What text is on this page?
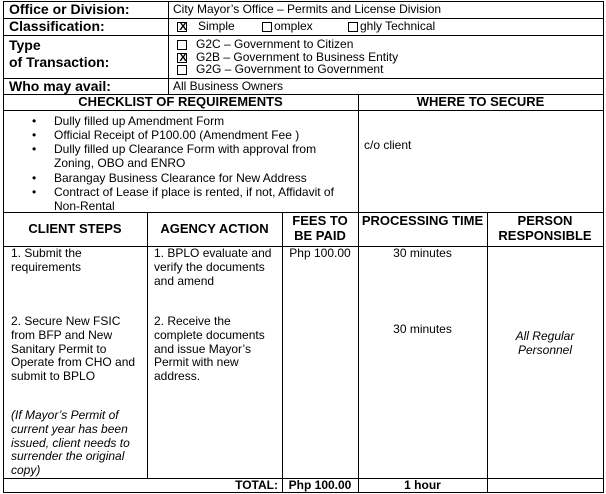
Office or Division:	City Mayor’s Office – Permits and License Division
Classification:
X	Simple	omplex	ghly Technical
Type
of Transaction:
G2C – Government to Citizen
X
G2B – Government to Business Entity
G2G – Government to Government
Who may avail:	All Business Owners
CHECKLIST OF REQUIREMENTS	WHERE TO SECURE
• Dully filled up Amendment Form
• Official Receipt of P100.00 (Amendment Fee )
• Dully filled up Clearance Form with approval from Zoning, OBO and ENRO
• Barangay Business Clearance for New Address
• Contract of Lease if place is rented, if not, Affidavit of Non-Rental
c/o client
CLIENT STEPS	AGENCY ACTION
FEES TO BE PAID
PROCESSING TIME	PERSON RESPONSIBLE
1. Submit the requirements
1. BPLO evaluate and verify the documents and amend
Php 100.00	30 minutes
2. Secure New FSIC from BFP and New Sanitary Permit to Operate from CHO and submit to BPLO
2. Receive the complete documents and issue Mayor’s Permit with new address.
30 minutes
(If Mayor’s Permit of current year has been issued, client needs to surrender the original copy)
All Regular Personnel
TOTAL: Php 100.00	1 hour
